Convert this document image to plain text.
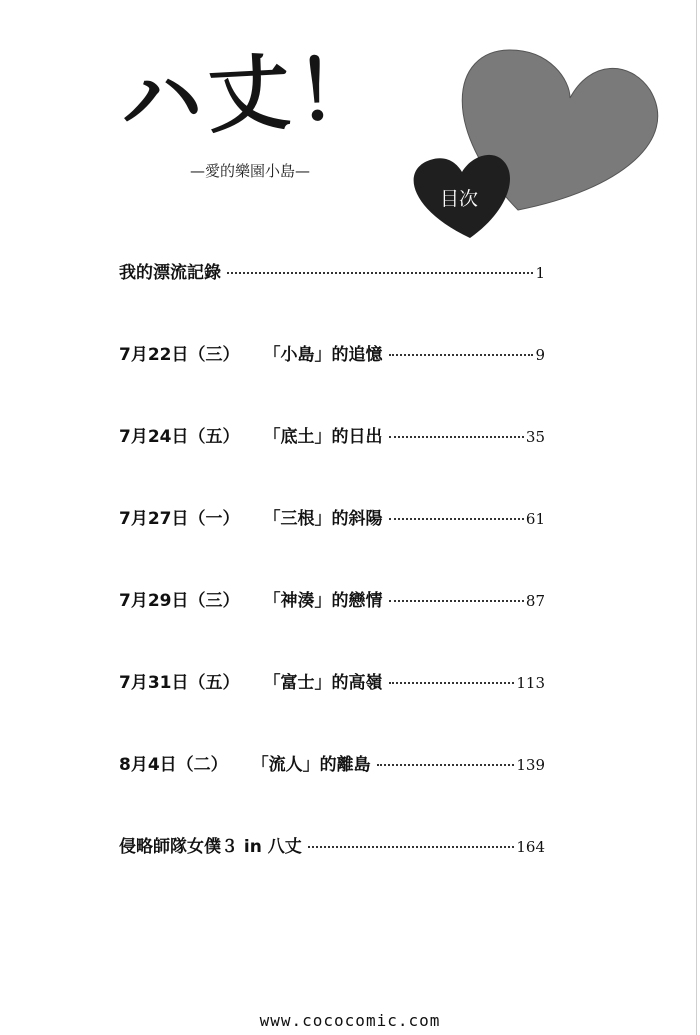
ハ丈！
—愛的樂園小島—
目次
我的漂流記錄	1
7月22日（三） 「小島」的追憶	9
7月24日（五） 「底土」的日出	35
7月27日（一） 「三根」的斜陽	61
7月29日（三） 「神湊」的戀情	87
7月31日（五） 「富士」的高嶺	113
8月4日（二） 「流人」的離島	139
侵略師隊女僕３ in 八丈	164
www.cococomic.com
